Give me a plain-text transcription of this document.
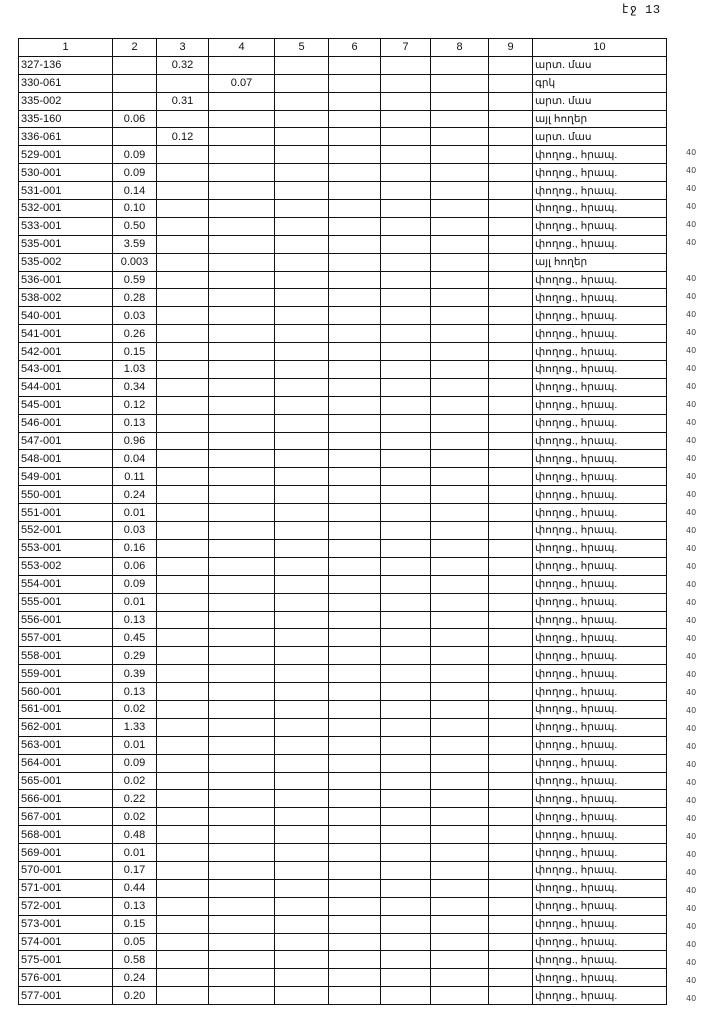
էջ 13
1	2	3	4	5	6	7	8	9	10
327-136		0.32							արտ. մաս
330-061			0.07						գրկ
335-002		0.31							արտ. մաս
335-160	0.06								այլ հողեր
336-061		0.12							արտ. մաս
529-001	0.09								փողոց., հրապ.
530-001	0.09								փողոց., հրապ.
531-001	0.14								փողոց., հրապ.
532-001	0.10								փողոց., հրապ.
533-001	0.50								փողոց., հրապ.
535-001	3.59								փողոց., հրապ.
535-002	0.003								այլ հողեր
536-001	0.59								փողոց., հրապ.
538-002	0.28								փողոց., հրապ.
540-001	0.03								փողոց., հրապ.
541-001	0.26								փողոց., հրապ.
542-001	0.15								փողոց., հրապ.
543-001	1.03								փողոց., հրապ.
544-001	0.34								փողոց., հրապ.
545-001	0.12								փողոց., հրապ.
546-001	0.13								փողոց., հրապ.
547-001	0.96								փողոց., հրապ.
548-001	0.04								փողոց., հրապ.
549-001	0.11								փողոց., հրապ.
550-001	0.24								փողոց., հրապ.
551-001	0.01								փողոց., հրապ.
552-001	0.03								փողոց., հրապ.
553-001	0.16								փողոց., հրապ.
553-002	0.06								փողոց., հրապ.
554-001	0.09								փողոց., հրապ.
555-001	0.01								փողոց., հրապ.
556-001	0.13								փողոց., հրապ.
557-001	0.45								փողոց., հրապ.
558-001	0.29								փողոց., հրապ.
559-001	0.39								փողոց., հրապ.
560-001	0.13								փողոց., հրապ.
561-001	0.02								փողոց., հրապ.
562-001	1.33								փողոց., հրապ.
563-001	0.01								փողոց., հրապ.
564-001	0.09								փողոց., հրապ.
565-001	0.02								փողոց., հրապ.
566-001	0.22								փողոց., հրապ.
567-001	0.02								փողոց., հրապ.
568-001	0.48								փողոց., հրապ.
569-001	0.01								փողոց., հրապ.
570-001	0.17								փողոց., հրապ.
571-001	0.44								փողոց., հրապ.
572-001	0.13								փողոց., հրապ.
573-001	0.15								փողոց., հրապ.
574-001	0.05								փողոց., հրապ.
575-001	0.58								փողոց., հրապ.
576-001	0.24								փողոց., հրապ.
577-001	0.20								փողոց., հրապ.
40
40
40
40
40
40
40
40
40
40
40
40
40
40
40
40
40
40
40
40
40
40
40
40
40
40
40
40
40
40
40
40
40
40
40
40
40
40
40
40
40
40
40
40
40
40
40
